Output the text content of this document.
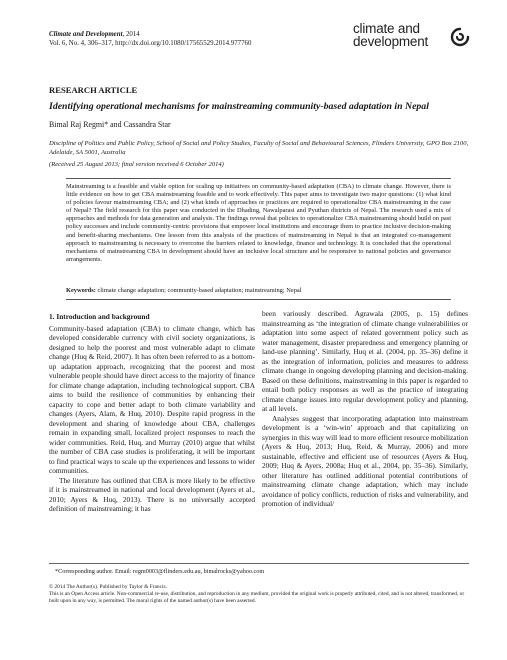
Climate and Development, 2014
Vol. 6, No. 4, 306–317, http://dx.doi.org/10.1080/17565529.2014.977760
climate and
development
RESEARCH ARTICLE
Identifying operational mechanisms for mainstreaming community-based adaptation in Nepal
Bimal Raj Regmi* and Cassandra Star
Discipline of Politics and Public Policy, School of Social and Policy Studies, Faculty of Social and Behavioural Sciences, Flinders University, GPO Box 2100, Adelaide, SA 5001, Australia
(Received 25 August 2013; final version received 6 October 2014)
Mainstreaming is a feasible and viable option for scaling up initiatives on community-based adaptation (CBA) to climate change. However, there is little evidence on how to get CBA mainstreaming feasible and to work effectively. This paper aims to investigate two major questions: (1) what kind of policies favour mainstreaming CBA; and (2) what kinds of approaches or practices are required to operationalize CBA mainstreaming in the case of Nepal? The field research for this paper was conducted in the Dhading, Nawalparasi and Pyuthan districts of Nepal. The research used a mix of approaches and methods for data generation and analysis. The findings reveal that policies to operationalize CBA mainstreaming should build on past policy successes and include community-centric provisions that empower local institutions and encourage them to practice inclusive decision-making and benefit-sharing mechanisms. One lesson from this analysis of the practices of mainstreaming in Nepal is that an integrated co-management approach to mainstreaming is necessary to overcome the barriers related to knowledge, finance and technology. It is concluded that the operational mechanisms of mainstreaming CBA in development should have an inclusive local structure and be responsive to national policies and governance arrangements.
Keywords: climate change adaptation; community-based adaptation; mainstreaming; Nepal
1. Introduction and background

Community-based adaptation (CBA) to climate change, which has developed considerable currency with civil society organizations, is designed to help the poorest and most vulnerable adapt to climate change (Huq & Reid, 2007). It has often been referred to as a bottom-up adaptation approach, recognizing that the poorest and most vulnerable people should have direct access to the majority of finance for climate change adaptation, including technological support. CBA aims to build the resilience of communities by enhancing their capacity to cope and better adapt to both climate variability and changes (Ayers, Alam, & Huq, 2010). Despite rapid progress in the development and sharing of knowledge about CBA, challenges remain in expanding small, localized project responses to reach the wider communities. Reid, Huq, and Murray (2010) argue that whilst the number of CBA case studies is proliferating, it will be important to find practical ways to scale up the experiences and lessons to wider communities.

The literature has outlined that CBA is more likely to be effective if it is mainstreamed in national and local development (Ayers et al., 2010; Ayers & Huq, 2013). There is no universally accepted definition of mainstreaming; it has

been variously described. Agrawala (2005, p. 15) defines mainstreaming as ‘the integration of climate change vulnerabilities or adaptation into some aspect of related government policy such as water management, disaster preparedness and emergency planning or land-use planning’. Similarly, Huq et al. (2004, pp. 35–36) define it as the integration of information, policies and measures to address climate change in ongoing developing planning and decision-making. Based on these definitions, mainstreaming in this paper is regarded to entail both policy responses as well as the practice of integrating climate change issues into regular development policy and planning, at all levels.

Analyses suggest that incorporating adaptation into mainstream development is a ‘win-win’ approach and that capitalizing on synergies in this way will lead to more efficient resource mobilization (Ayers & Huq, 2013; Huq, Reid, & Murray, 2006) and more sustainable, effective and efficient use of resources (Ayers & Huq, 2009; Huq & Ayers, 2008a; Huq et al., 2004, pp. 35–36). Similarly, other literature has outlined additional potential contributions of mainstreaming climate change adaptation, which may include avoidance of policy conflicts, reduction of risks and vulnerability, and promotion of individual/

*Corresponding author. Email: regm0003@flinders.edu.au, bimalrocks@yahoo.com
© 2014 The Author(s). Published by Taylor & Francis.
This is an Open Access article. Non-commercial re-use, distribution, and reproduction in any medium, provided the original work is properly attributed, cited, and is not altered, transformed, or built upon in any way, is permitted. The moral rights of the named author(s) have been asserted.
